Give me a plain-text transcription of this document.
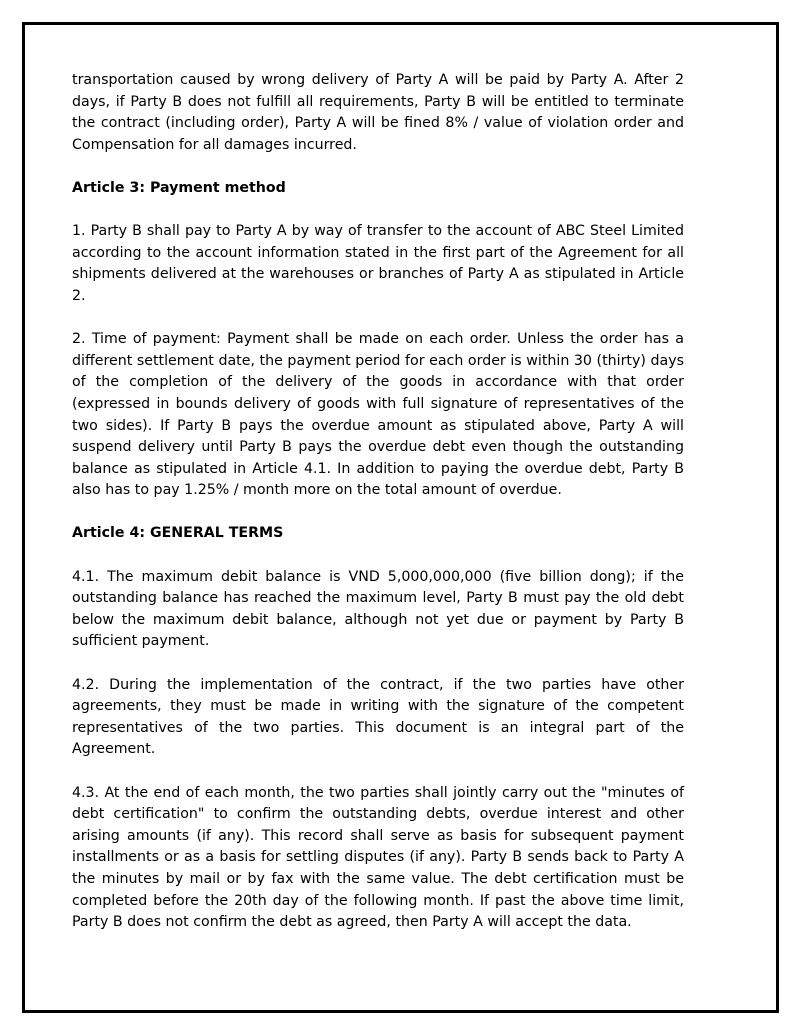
transportation caused by wrong delivery of Party A will be paid by Party A. After 2 days, if Party B does not fulfill all requirements, Party B will be entitled to terminate the contract (including order), Party A will be fined 8% / value of violation order and Compensation for all damages incurred.

Article 3: Payment method

1. Party B shall pay to Party A by way of transfer to the account of ABC Steel Limited according to the account information stated in the first part of the Agreement for all shipments delivered at the warehouses or branches of Party A as stipulated in Article 2.

2. Time of payment: Payment shall be made on each order. Unless the order has a different settlement date, the payment period for each order is within 30 (thirty) days of the completion of the delivery of the goods in accordance with that order (expressed in bounds delivery of goods with full signature of representatives of the two sides). If Party B pays the overdue amount as stipulated above, Party A will suspend delivery until Party B pays the overdue debt even though the outstanding balance as stipulated in Article 4.1. In addition to paying the overdue debt, Party B also has to pay 1.25% / month more on the total amount of overdue.

Article 4: GENERAL TERMS

4.1. The maximum debit balance is VND 5,000,000,000 (five billion dong); if the outstanding balance has reached the maximum level, Party B must pay the old debt below the maximum debit balance, although not yet due or payment by Party B sufficient payment.

4.2. During the implementation of the contract, if the two parties have other agreements, they must be made in writing with the signature of the competent representatives of the two parties. This document is an integral part of the Agreement.

4.3. At the end of each month, the two parties shall jointly carry out the "minutes of debt certification" to confirm the outstanding debts, overdue interest and other arising amounts (if any). This record shall serve as basis for subsequent payment installments or as a basis for settling disputes (if any). Party B sends back to Party A the minutes by mail or by fax with the same value. The debt certification must be completed before the 20th day of the following month. If past the above time limit, Party B does not confirm the debt as agreed, then Party A will accept the data.
